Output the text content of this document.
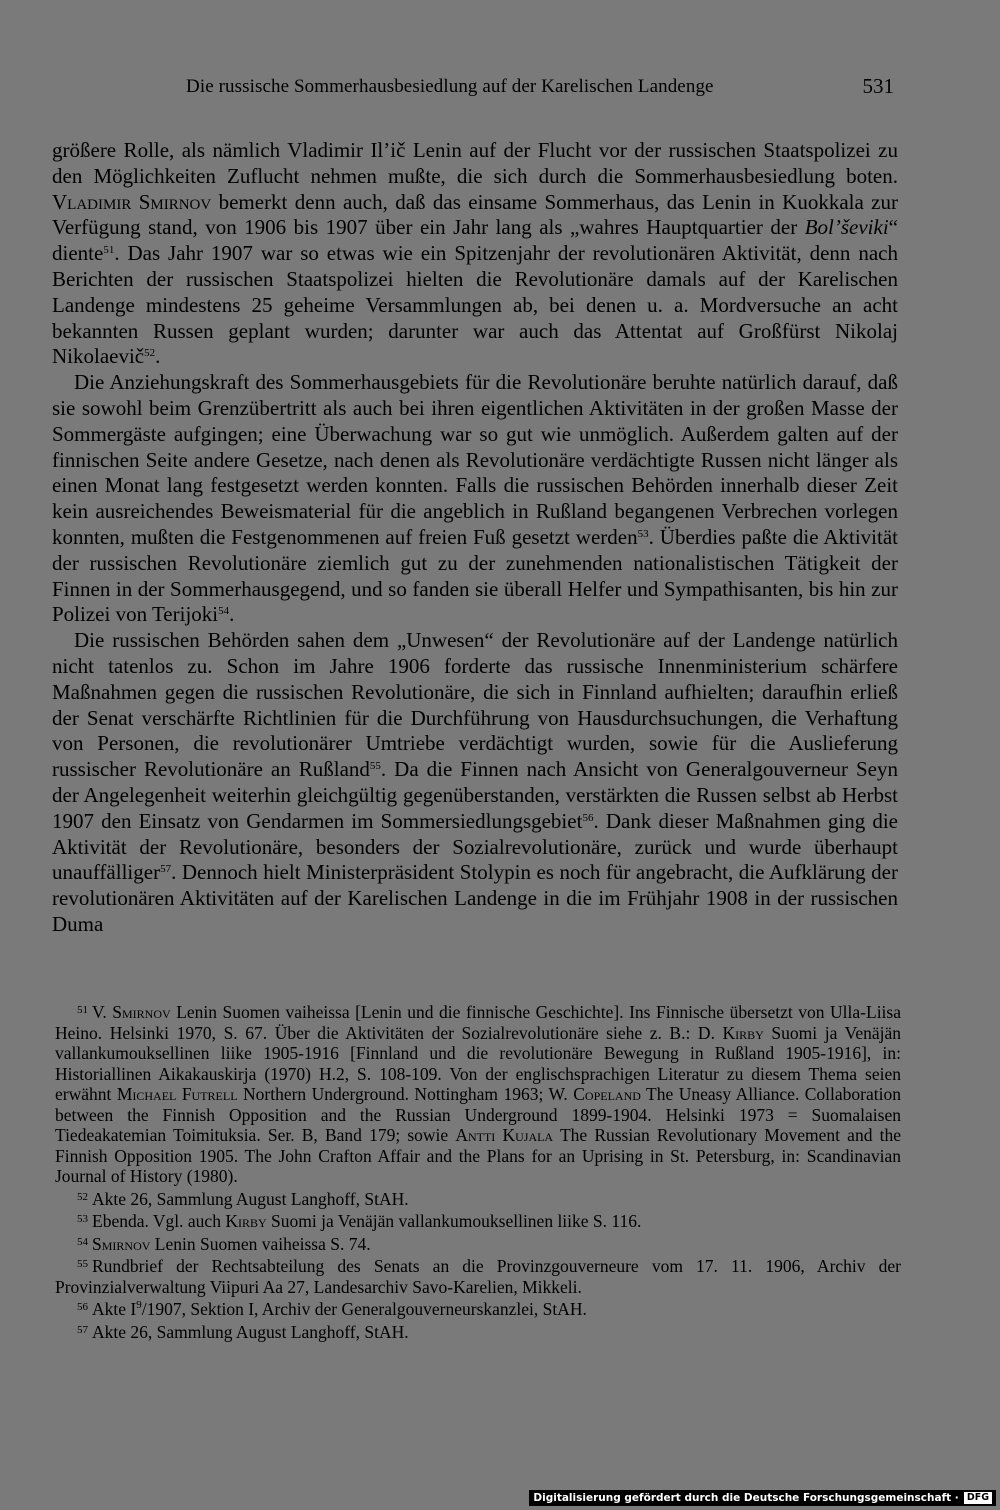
Die russische Sommerhausbesiedlung auf der Karelischen Landenge	531

größere Rolle, als nämlich Vladimir Il’ič Lenin auf der Flucht vor der russischen Staatspolizei zu den Möglichkeiten Zuflucht nehmen mußte, die sich durch die Sommerhausbesiedlung boten. Vladimir Smirnov bemerkt denn auch, daß das einsame Sommerhaus, das Lenin in Kuokkala zur Verfügung stand, von 1906 bis 1907 über ein Jahr lang als „wahres Hauptquartier der Bol’ševiki“ diente$^{51}$. Das Jahr 1907 war so etwas wie ein Spitzenjahr der revolutionären Aktivität, denn nach Berichten der russischen Staatspolizei hielten die Revolutionäre damals auf der Karelischen Landenge mindestens 25 geheime Versammlungen ab, bei denen u. a. Mordversuche an acht bekannten Russen geplant wurden; darunter war auch das Attentat auf Großfürst Nikolaj Nikolaevič$^{52}$.

Die Anziehungskraft des Sommerhausgebiets für die Revolutionäre beruhte natürlich darauf, daß sie sowohl beim Grenzübertritt als auch bei ihren eigentlichen Aktivitäten in der großen Masse der Sommergäste aufgingen; eine Überwachung war so gut wie unmöglich. Außerdem galten auf der finnischen Seite andere Gesetze, nach denen als Revolutionäre verdächtigte Russen nicht länger als einen Monat lang festgesetzt werden konnten. Falls die russischen Behörden innerhalb dieser Zeit kein ausreichendes Beweismaterial für die angeblich in Rußland begangenen Verbrechen vorlegen konnten, mußten die Festgenommenen auf freien Fuß gesetzt werden$^{53}$. Überdies paßte die Aktivität der russischen Revolutionäre ziemlich gut zu der zunehmenden nationalistischen Tätigkeit der Finnen in der Sommerhausgegend, und so fanden sie überall Helfer und Sympathisanten, bis hin zur Polizei von Terijoki$^{54}$.

Die russischen Behörden sahen dem „Unwesen“ der Revolutionäre auf der Landenge natürlich nicht tatenlos zu. Schon im Jahre 1906 forderte das russische Innenministerium schärfere Maßnahmen gegen die russischen Revolutionäre, die sich in Finnland aufhielten; daraufhin erließ der Senat verschärfte Richtlinien für die Durchführung von Hausdurchsuchungen, die Verhaftung von Personen, die revolutionärer Umtriebe verdächtigt wurden, sowie für die Auslieferung russischer Revolutionäre an Rußland$^{55}$. Da die Finnen nach Ansicht von Generalgouverneur Seyn der Angelegenheit weiterhin gleichgültig gegenüberstanden, verstärkten die Russen selbst ab Herbst 1907 den Einsatz von Gendarmen im Sommersiedlungsgebiet$^{56}$. Dank dieser Maßnahmen ging die Aktivität der Revolutionäre, besonders der Sozialrevolutionäre, zurück und wurde überhaupt unauffälliger$^{57}$. Dennoch hielt Ministerpräsident Stolypin es noch für angebracht, die Aufklärung der revolutionären Aktivitäten auf der Karelischen Landenge in die im Frühjahr 1908 in der russischen Duma

$^{51}$ V. Smirnov Lenin Suomen vaiheissa [Lenin und die finnische Geschichte]. Ins Finnische übersetzt von Ulla-Liisa Heino. Helsinki 1970, S. 67. Über die Aktivitäten der Sozialrevolutionäre siehe z. B.: D. Kirby Suomi ja Venäjän vallankumouksellinen liike 1905-1916 [Finnland und die revolutionäre Bewegung in Rußland 1905-1916], in: Historiallinen Aikakauskirja (1970) H.2, S. 108-109. Von der englischsprachigen Literatur zu diesem Thema seien erwähnt Michael Futrell Northern Underground. Nottingham 1963; W. Copeland The Uneasy Alliance. Collaboration between the Finnish Opposition and the Russian Underground 1899-1904. Helsinki 1973 = Suomalaisen Tiedeakatemian Toimituksia. Ser. B, Band 179; sowie Antti Kujala The Russian Revolutionary Movement and the Finnish Opposition 1905. The John Crafton Affair and the Plans for an Uprising in St. Petersburg, in: Scandinavian Journal of History (1980).

$^{52}$ Akte 26, Sammlung August Langhoff, StAH.

$^{53}$ Ebenda. Vgl. auch Kirby Suomi ja Venäjän vallankumouksellinen liike S. 116.

$^{54}$ Smirnov Lenin Suomen vaiheissa S. 74.

$^{55}$ Rundbrief der Rechtsabteilung des Senats an die Provinzgouverneure vom 17. 11. 1906, Archiv der Provinzialverwaltung Viipuri Aa 27, Landesarchiv Savo-Karelien, Mikkeli.

$^{56}$ Akte $I^9/1907$, Sektion I, Archiv der Generalgouverneurskanzlei, StAH.

$^{57}$ Akte 26, Sammlung August Langhoff, StAH.

Digitalisierung gefördert durch die Deutsche Forschungsgemeinschaft · DFG
